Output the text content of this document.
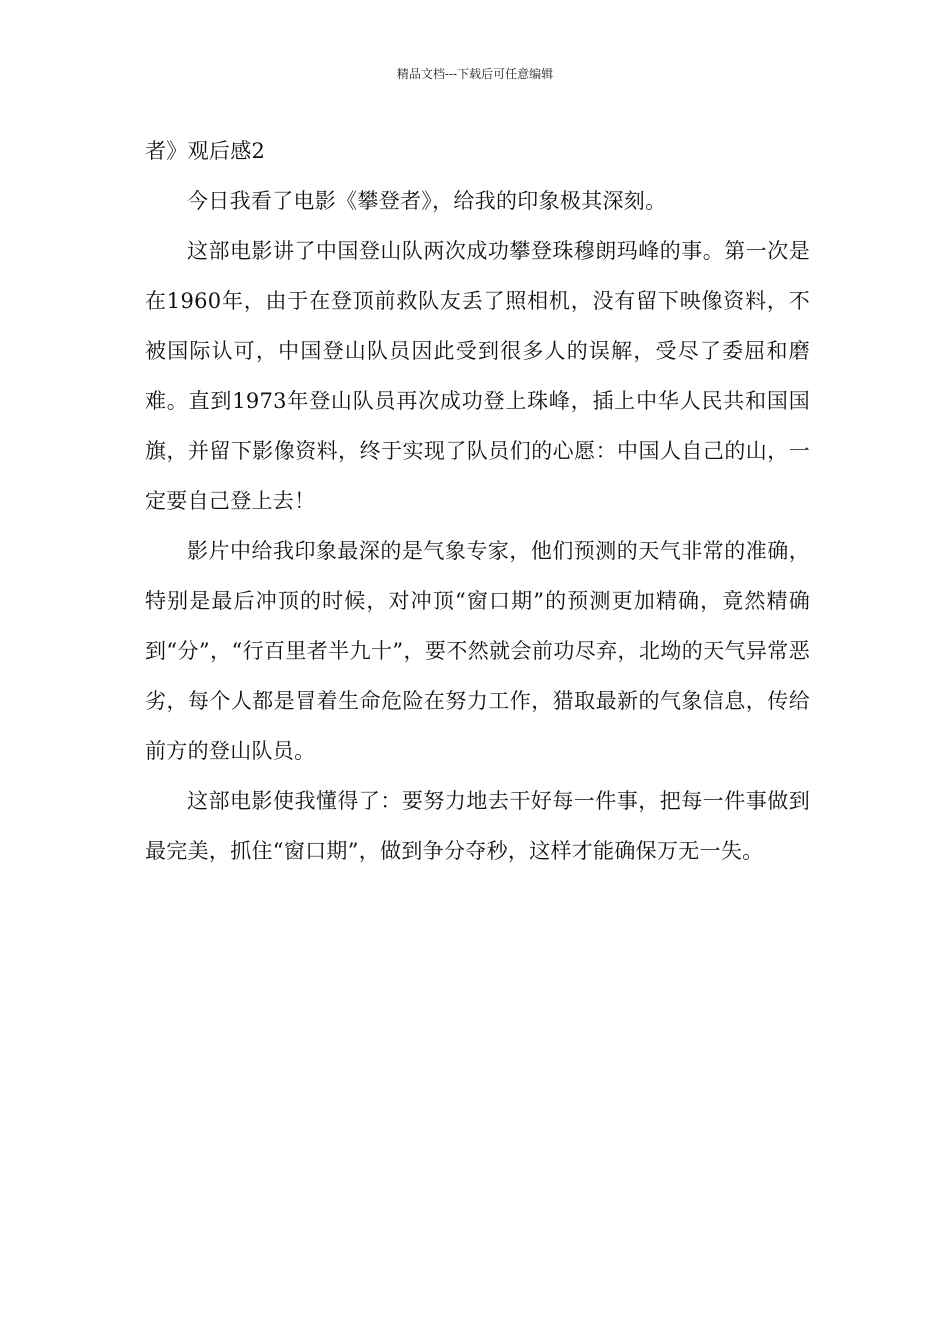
精品文档---下载后可任意编辑

者》观后感2

今日我看了电影《攀登者》，给我的印象极其深刻。

这部电影讲了中国登山队两次成功攀登珠穆朗玛峰的事。第一次是在1960年，由于在登顶前救队友丢了照相机，没有留下映像资料，不被国际认可，中国登山队员因此受到很多人的误解，受尽了委屈和磨难。直到1973年登山队员再次成功登上珠峰，插上中华人民共和国国旗，并留下影像资料，终于实现了队员们的心愿：中国人自己的山，一定要自己登上去！

影片中给我印象最深的是气象专家，他们预测的天气非常的准确，特别是最后冲顶的时候，对冲顶“窗口期”的预测更加精确，竟然精确到“分”，“行百里者半九十”，要不然就会前功尽弃，北坳的天气异常恶劣，每个人都是冒着生命危险在努力工作，猎取最新的气象信息，传给前方的登山队员。

这部电影使我懂得了：要努力地去干好每一件事，把每一件事做到最完美，抓住“窗口期”，做到争分夺秒，这样才能确保万无一失。
